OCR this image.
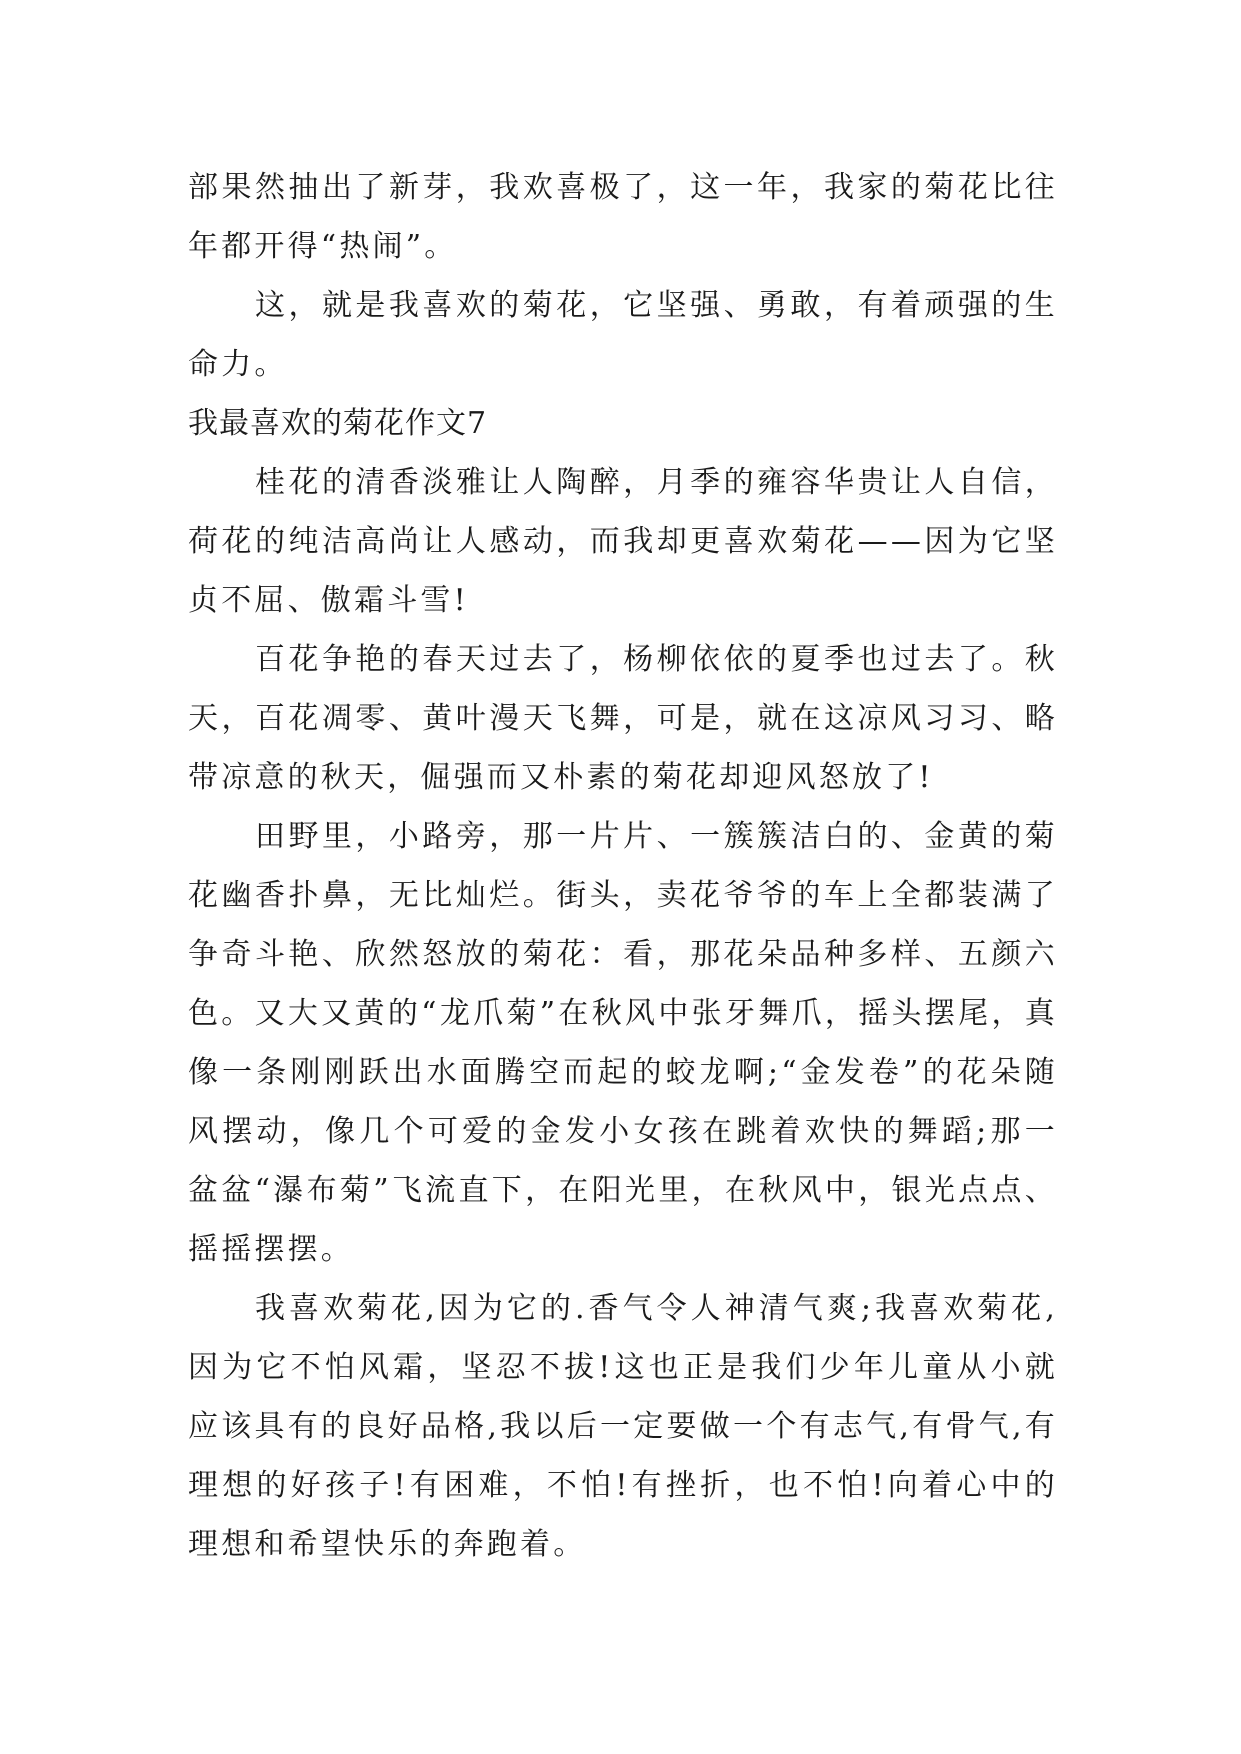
部果然抽出了新芽，我欢喜极了，这一年，我家的菊花比往年都开得“热闹”。

这，就是我喜欢的菊花，它坚强、勇敢，有着顽强的生命力。

我最喜欢的菊花作文7

桂花的清香淡雅让人陶醉，月季的雍容华贵让人自信，荷花的纯洁高尚让人感动，而我却更喜欢菊花——因为它坚贞不屈、傲霜斗雪!

百花争艳的春天过去了，杨柳依依的夏季也过去了。秋天，百花凋零、黄叶漫天飞舞，可是，就在这凉风习习、略带凉意的秋天，倔强而又朴素的菊花却迎风怒放了!

田野里，小路旁，那一片片、一簇簇洁白的、金黄的菊花幽香扑鼻，无比灿烂。街头，卖花爷爷的车上全都装满了争奇斗艳、欣然怒放的菊花：看，那花朵品种多样、五颜六色。又大又黄的“龙爪菊”在秋风中张牙舞爪，摇头摆尾，真像一条刚刚跃出水面腾空而起的蛟龙啊;“金发卷”的花朵随风摆动，像几个可爱的金发小女孩在跳着欢快的舞蹈;那一盆盆“瀑布菊”飞流直下，在阳光里，在秋风中，银光点点、摇摇摆摆。

我喜欢菊花,因为它的.香气令人神清气爽;我喜欢菊花,因为它不怕风霜，坚忍不拔!这也正是我们少年儿童从小就应该具有的良好品格,我以后一定要做一个有志气,有骨气,有理想的好孩子!有困难，不怕!有挫折，也不怕!向着心中的理想和希望快乐的奔跑着。
